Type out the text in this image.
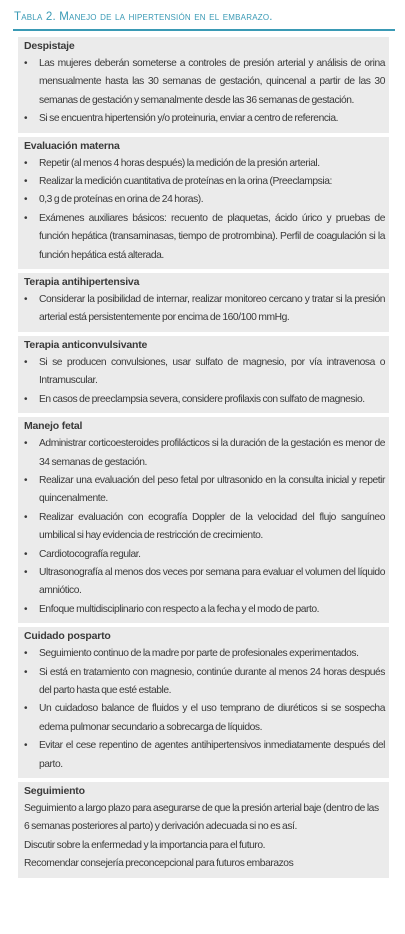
Tabla 2. Manejo de la hipertensión en el embarazo.
Despistaje
• Las mujeres deberán someterse a controles de presión arterial y análisis de orina mensualmente hasta las 30 semanas de gestación, quincenal a partir de las 30 semanas de gestación y semanalmente desde las 36 semanas de gestación.
• Si se encuentra hipertensión y/o proteinuria, enviar a centro de referencia.
Evaluación materna
• Repetir (al menos 4 horas después) la medición de la presión arterial.
• Realizar la medición cuantitativa de proteínas en la orina (Preeclampsia:
• 0,3 g de proteínas en orina de 24 horas).
• Exámenes auxiliares básicos: recuento de plaquetas, ácido úrico y pruebas de función hepática (transaminasas, tiempo de protrombina). Perfil de coagulación si la función hepática está alterada.
Terapia antihipertensiva
• Considerar la posibilidad de internar, realizar monitoreo cercano y tratar si la presión arterial está persistentemente por encima de 160/100 mmHg.
Terapia anticonvulsivante
• Si se producen convulsiones, usar sulfato de magnesio, por vía intravenosa o Intramuscular.
• En casos de preeclampsia severa, considere profilaxis con sulfato de magnesio.
Manejo fetal
• Administrar corticoesteroides profilácticos si la duración de la gestación es menor de 34 semanas de gestación.
• Realizar una evaluación del peso fetal por ultrasonido en la consulta inicial y repetir quincenalmente.
• Realizar evaluación con ecografía Doppler de la velocidad del flujo sanguíneo umbilical si hay evidencia de restricción de crecimiento.
• Cardiotocografía regular.
• Ultrasonografía al menos dos veces por semana para evaluar el volumen del líquido amniótico.
• Enfoque multidisciplinario con respecto a la fecha y el modo de parto.
Cuidado posparto
• Seguimiento continuo de la madre por parte de profesionales experimentados.
• Si está en tratamiento con magnesio, continúe durante al menos 24 horas después del parto hasta que esté estable.
• Un cuidadoso balance de fluidos y el uso temprano de diuréticos si se sospecha edema pulmonar secundario a sobrecarga de líquidos.
• Evitar el cese repentino de agentes antihipertensivos inmediatamente después del parto.
Seguimiento

Seguimiento a largo plazo para asegurarse de que la presión arterial baje (dentro de las 6 semanas posteriores al parto) y derivación adecuada si no es así.

Discutir sobre la enfermedad y la importancia para el futuro.

Recomendar consejería preconcepcional para futuros embarazos
